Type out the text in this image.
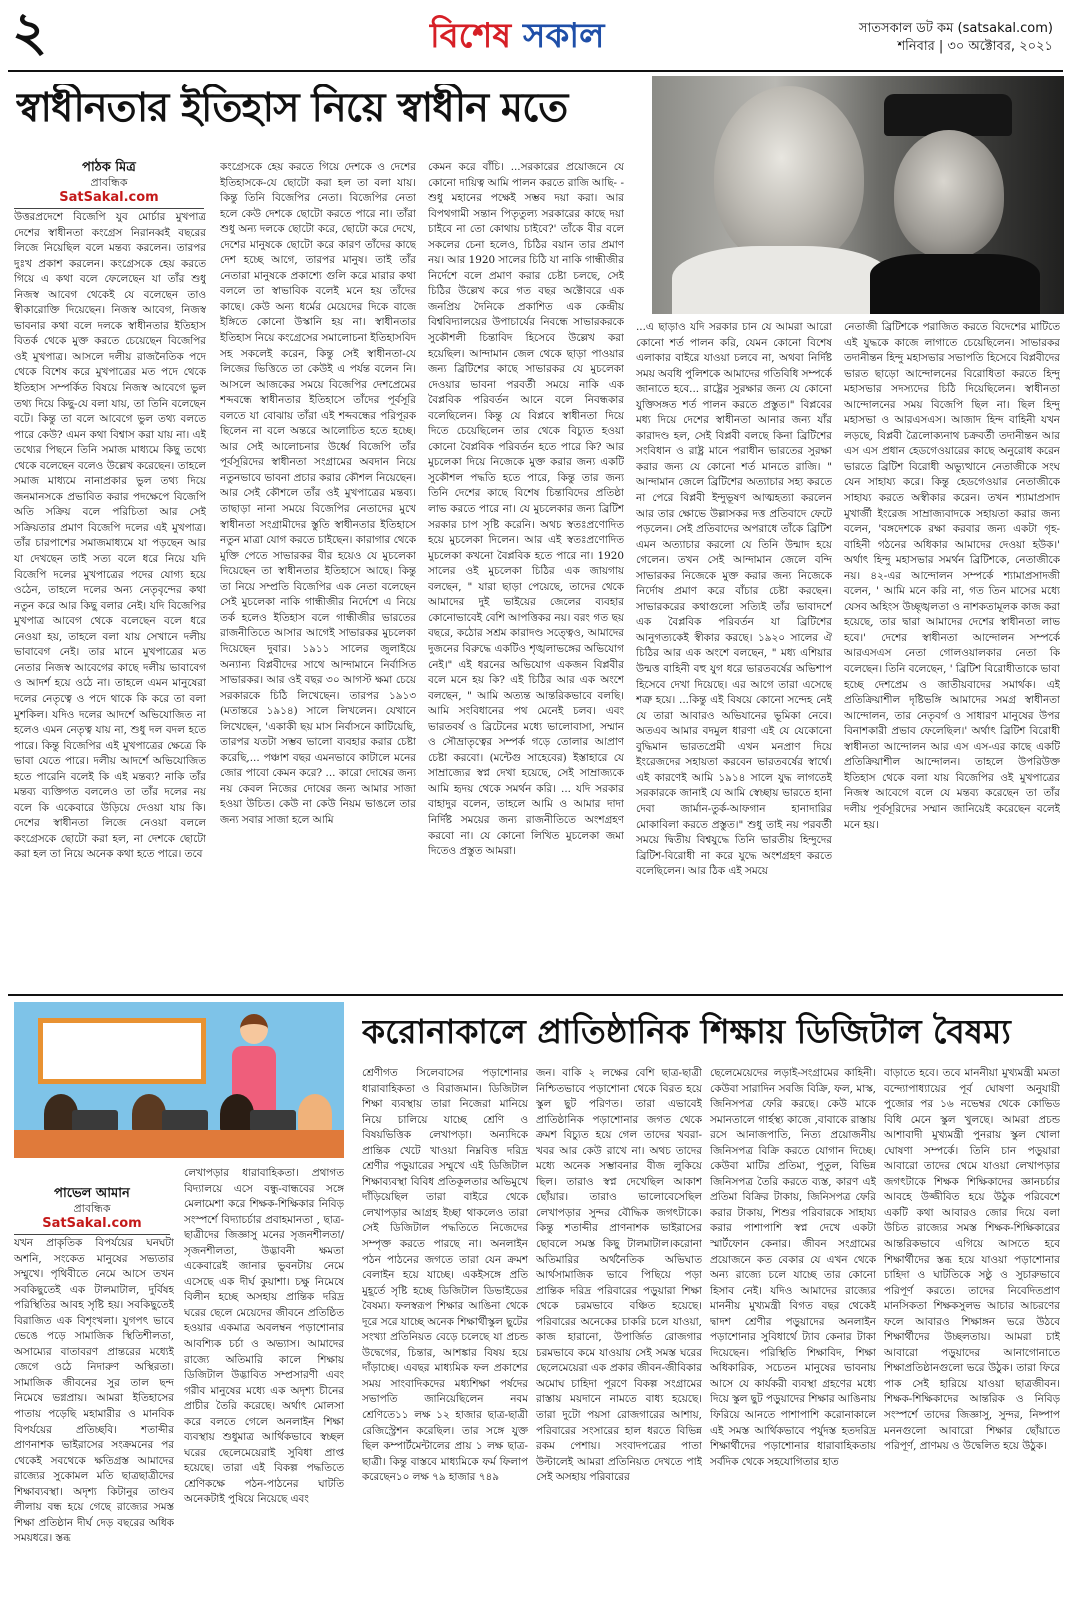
২	বিশেষ সকাল	সাতসকাল ডট কম (satsakal.com)
শনিবার | ৩০ অক্টোবর, ২০২১
স্বাধীনতার ইতিহাস নিয়ে স্বাধীন মতে
পাঠক মিত্র
প্রাবন্ধিক
SatSakal.com
উত্তরপ্রদেশে বিজেপি যুব মোর্চার মুখপাত্র দেশের স্বাধীনতা কংগ্রেস নিরানব্বই বছরের লিজে নিয়েছিল বলে মন্তব্য করলেন। তারপর দুঃখ প্রকাশ করলেন। কংগ্রেসকে হেয় করতে গিয়ে এ কথা বলে ফেলেছেন যা তাঁর শুধু নিজস্ব আবেগ থেকেই যে বলেছেন তাও স্বীকারোক্তি দিয়েছেন। নিজস্ব আবেগ, নিজস্ব ভাবনার কথা বলে দলকে স্বাধীনতার ইতিহাস বিতর্ক থেকে মুক্ত করতে চেয়েছেন বিজেপির ওই মুখপাত্র। আসলে দলীয় রাজনৈতিক পদে থেকে বিশেষ করে মুখপাত্রের মত পদে থেকে ইতিহাস সম্পর্কিত বিষয়ে নিজস্ব আবেগে ভুল তথ্য দিয়ে কিছু-যে বলা যায়, তা তিনি বলেছেন বটে। কিন্তু তা বলে আবেগে ভুল তথ্য বলতে পারে কেউ? এমন কথা বিশ্বাস করা যায় না। এই তথ্যের পিছনে তিনি সমাজ মাধ্যমে কিছু তথ্যে থেকে বলেছেন বলেও উল্লেখ করেছেন। তাহলে সমাজ মাধ্যমে নানাপ্রকার ভুল তথ্য দিয়ে জনমানসকে প্রভাবিত করার পদক্ষেপে বিজেপি অতি সক্রিয় বলে পরিচিতা আর সেই সক্রিয়তার প্রমাণ বিজেপি দলের এই মুখপাত্র। তাঁর চারপাশের সমাজমাধ্যমে যা পড়ছেন আর যা দেখছেন তাই সত্য বলে ধরে নিয়ে যদি বিজেপি দলের মুখপাত্রের পদের যোগ্য হয়ে ওঠেন, তাহলে দলের অন্য নেতৃবৃন্দের কথা নতুন করে আর কিছু বলার নেই। যদি বিজেপির মুখপাত্র আবেগ থেকে বলেছেন বলে ধরে নেওয়া হয়, তাহলে বলা যায় সেখানে দলীয় ভাবাবেগ নেই। তার মানে মুখপাত্রের মত নেতার নিজস্ব আবেগের কাছে দলীয় ভাবাবেগ ও আদর্শ হয়ে ওঠে না। তাহলে এমন মানুষেরা দলের নেতৃত্বে ও পদে থাকে কি করে তা বলা মুশকিল। যদিও দলের আদর্শে অভিযোজিত না হলেও এমন নেতৃত্ব যায় না, শুধু দল বদল হতে পারে। কিন্তু বিজেপির এই মুখপাত্রের ক্ষেত্রে কি ভাবা যেতে পারে। দলীয় আদর্শে অভিযোজিত হতে পারেনি বলেই কি এই মন্তব্য? নাকি তাঁর মন্তব্য ব্যক্তিগত বললেও তা তাঁর দলের নয় বলে কি একেবারে উড়িয়ে দেওয়া যায় কি। দেশের স্বাধীনতা লিজে নেওয়া বললে কংগ্রেসকে ছোটো করা হল, না দেশকে ছোটো করা হল তা নিয়ে অনেক কথা হতে পারে। তবে
কংগ্রেসকে হেয় করতে গিয়ে দেশকে ও দেশের ইতিহাসকে-যে ছোটো করা হল তা বলা যায়। কিন্তু তিনি বিজেপির নেতা। বিজেপির নেতা হলে কেউ দেশকে ছোটো করতে পারে না। তাঁরা শুধু অন্য দলকে ছোটো করে, ছোটো করে দেখে, দেশের মানুষকে ছোটো করে কারণ তাঁদের কাছে দেশ হচ্ছে আগে, তারপর মানুষ। তাই তাঁর নেতারা মানুষকে প্রকাশ্যে গুলি করে মারার কথা বললে তা স্বাভাবিক বলেই মনে হয় তাঁদের কাছে। কেউ অন্য ধর্মের মেয়েদের দিকে বাজে ইঙ্গিতে কোনো উস্কানি হয় না। স্বাধীনতার ইতিহাস নিয়ে কংগ্রেসের সমালোচনা ইতিহাসবিদ সহ সকলেই করেন, কিন্তু সেই স্বাধীনতা-যে লিজের ভিত্তিতে তা কেউই এ পর্যন্ত বলেন নি। আসলে আজকের সময়ে বিজেপির দেশপ্রেমের শব্দবন্ধে স্বাধীনতার ইতিহাসে তাঁদের পূর্বসূরি বলতে যা বোঝায় তাঁরা এই শব্দবন্ধের পরিপূরক ছিলেন না বলে অন্তরে আলোচিত হতে হচ্ছে। আর সেই আলোচনার উর্ধ্বে বিজেপি তাঁর পূর্বসূরিদের স্বাধীনতা সংগ্রামের অবদান নিয়ে নতুনভাবে ভাবনা প্রচার করার কৌশল নিয়েছেন। আর সেই কৌশলে তাঁর ওই মুখপাত্রের মন্তব্য। তাছাড়া নানা সময়ে বিজেপির নেতাদের মুখে স্বাধীনতা সংগ্রামীদের স্তুতি স্বাধীনতার ইতিহাসে নতুন মাত্রা যোগ করতে চাইছেন। কারাগার থেকে মুক্তি পেতে সাভারকর বীর হয়েও যে মুচলেকা দিয়েছেন তা স্বাধীনতার ইতিহাসে আছে। কিন্তু তা নিয়ে সম্প্রতি বিজেপির এক নেতা বলেছেন সেই মুচলেকা নাকি গান্ধীজীর নির্দেশে এ নিয়ে তর্ক হলেও ইতিহাস বলে গান্ধীজীর ভারতের রাজনীতিতে আসার আগেই সাভারকর মুচলেকা দিয়েছেন দুবার। ১৯১১ সালের জুলাইয়ে অন্যান্য বিপ্লবীদের সাথে আন্দামানে নির্বাসিত সাভারকর। আর ওই বছর ৩০ আগস্ট ক্ষমা চেয়ে সরকারকে চিঠি লিখেছেন। তারপর ১৯১৩ (মতান্তরে ১৯১৪) সালে লিখলেন। যেখানে লিখেছেন, 'একাকী ছয় মাস নির্বাসনে কাটিয়েছি, তারপর যতটা সম্ভব ভালো ব্যবহার করার চেষ্টা করেছি,... পঞ্চাশ বছর এমনভাবে কাটালে মনের জোর পাবো কেমন করে? ... কারো দোষের জন্য নয় কেবল নিজের দোষের জন্য আমার সাজা হওয়া উচিত। কেউ না কেউ নিয়ম ভাঙলে তার জন্য সবার সাজা হলে আমি
কেমন করে বাঁচি। ...সরকারের প্রয়োজনে যে কোনো দায়িত্ব আমি পালন করতে রাজি আছি- - শুধু মহানের পক্ষেই সম্ভব দয়া করা। আর বিপথগামী সন্তান পিতৃতুল্য সরকারের কাছে দয়া চাইবে না তো কোথায় চাইবে?' তাঁকে বীর বলে সকলের চেনা হলেও, চিঠির বয়ান তার প্রমাণ নয়। আর 1920 সালের চিঠি যা নাকি গান্ধীজীর নির্দেশে বলে প্রমাণ করার চেষ্টা চলছে, সেই চিঠির উল্লেখ করে গত বছর অক্টোবরে এক জনপ্রিয় দৈনিকে প্রকাশিত এক কেন্দ্রীয় বিশ্ববিদ্যালয়ের উপাচার্যের নিবন্ধে সাভারকরকে সুকৌশলী চিন্তাবিদ হিসেবে উল্লেখ করা হয়েছিল। আন্দামান জেল থেকে ছাড়া পাওয়ার জন্য ব্রিটিশের কাছে সাভারকর যে মুচলেকা দেওয়ার ভাবনা পরবর্তী সময়ে নাকি এক বৈপ্লবিক পরিবর্তন আনে বলে নিবন্ধকার বলেছিলেন। কিন্তু যে বিপ্লবে স্বাধীনতা দিয়ে দিতে চেয়েছিলেন তার থেকে বিচ্যুত হওয়া কোনো বৈপ্লবিক পরিবর্তন হতে পারে কি? আর মুচলেকা দিয়ে নিজেকে মুক্ত করার জন্য একটি সুকৌশল পদ্ধতি হতে পারে, কিন্তু তার জন্য তিনি দেশের কাছে বিশেষ চিন্তাবিদের প্রতিষ্ঠা লাভ করতে পারে না। যে মুচলেকার জন্য ব্রিটিশ সরকার চাপ সৃষ্টি করেনি। অথচ স্বতঃপ্রণোদিত হয়ে মুচলেকা দিলেন। আর এই স্বতঃপ্রণোদিত মুচলেকা কখনো বৈপ্লবিক হতে পারে না। 1920 সালের ওই মুচলেকা চিঠির এক জায়গায় বলছেন, " যারা ছাড়া পেয়েছে, তাদের থেকে আমাদের দুই ভাইয়ের জেলের ব্যবহার কোনোভাবেই বেশি আপত্তিকর নয়। বরং গত ছয় বছরে, কঠোর সশ্রম কারাদণ্ড সত্ত্বেও, আমাদের দুজনের বিরুদ্ধে একটিও শৃঙ্খলাভঙ্গের অভিযোগ নেই।" এই ধরনের অভিযোগ একজন বিপ্লবীর বলে মনে হয় কি? এই চিঠির আর এক অংশে বলছেন, " আমি অত্যন্ত আন্তরিকভাবে বলছি। আমি সংবিধানের পথ মেনেই চলব। এবং ভারতবর্ষ ও ব্রিটেনের মধ্যে ভালোবাসা, সম্মান ও সৌভ্রাতৃত্বের সম্পর্ক গড়ে তোলার আপ্রাণ চেষ্টা করবো। (মন্টেগু সাহেবের) ইস্তাহারে যে সাম্রাজ্যের স্বপ্ন দেখা হয়েছে, সেই সাম্রাজ্যকে আমি হৃদয় থেকে সমর্থন করি। ... যদি সরকার বাহাদুর বলেন, তাহলে আমি ও আমার দাদা নির্দিষ্ট সময়ের জন্য রাজনীতিতে অংশগ্রহণ করবো না। যে কোনো লিখিত মুচলেকা জমা দিতেও প্রস্তুত আমরা।
...এ ছাড়াও যদি সরকার চান যে আমরা আরো কোনো শর্ত পালন করি, যেমন কোনো বিশেষ এলাকার বাইরে যাওয়া চলবে না, অথবা নির্দিষ্ট সময় অবধি পুলিশকে আমাদের গতিবিধি সম্পর্কে জানাতে হবে... রাষ্ট্রের সুরক্ষার জন্য যে কোনো যুক্তিসঙ্গত শর্ত পালন করতে প্রস্তুত।" বিপ্লবের মধ্য দিয়ে দেশের স্বাধীনতা আনার জন্য যাঁর কারাদণ্ড হল, সেই বিপ্লবী বলছে কিনা ব্রিটিশের সংবিধান ও রাষ্ট্র মানে পরাধীন ভারতের সুরক্ষা করার জন্য যে কোনো শর্ত মানতে রাজি। " আন্দামান জেলে ব্রিটিশের অত্যাচার সহ্য করতে না পেরে বিপ্লবী ইন্দুভূষণ আত্মহত্যা করলেন আর তার ক্ষোভে উল্লাসকর দত্ত প্রতিবাদে ফেটে পড়লেন। সেই প্রতিবাদের অপরাধে তাঁকে ব্রিটিশ এমন অত্যাচার করলো যে তিনি উন্মাদ হয়ে গেলেন। তখন সেই আন্দামান জেলে বন্দি সাভারকর নিজেকে মুক্ত করার জন্য নিজেকে নির্দোষ প্রমাণ করে বাঁচার চেষ্টা করছেন। সাভারকরের কথাগুলো সত্যিই তাঁর ভাবাদর্শে এক বৈপ্লবিক পরিবর্তন যা ব্রিটিশের আনুগত্যকেই স্বীকার করছে। ১৯২০ সালের ঐ চিঠির আর এক অংশে বলছেন, " মধ্য এশিয়ার উন্মত্ত বাহিনী বহু যুগ ধরে ভারতবর্ষের অভিশাপ হিসেবে দেখা দিয়েছে। এর আগে তারা এসেছে শত্রু হয়ে। ...কিন্তু এই বিষয়ে কোনো সন্দেহ নেই যে তারা আবারও অভিযানের ভূমিকা নেবে। অতএব আমার বদমুল ধারণা এই যে যেকোনো বুদ্ধিমান ভারতপ্রেমী এখন মনপ্রাণ দিয়ে ইংরেজদের সহায়তা করবেন ভারতবর্ষের স্বার্থে। এই কারণেই আমি ১৯১৪ সালে যুদ্ধ লাগতেই সরকারকে জানাই যে আমি স্বেচ্ছায় ভারতে হানা দেবা জার্মান-তুর্ক-আফগান হানাদারির মোকাবিলা করতে প্রস্তুত।" শুধু তাই নয় পরবর্তী সময়ে দ্বিতীয় বিশ্বযুদ্ধে তিনি ভারতীয় হিন্দুদের ব্রিটিশ-বিরোধী না করে যুদ্ধে অংশগ্রহণ করতে বলেছিলেন। আর ঠিক এই সময়ে
নেতাজী ব্রিটিশকে পরাজিত করতে বিদেশের মাটিতে এই যুদ্ধকে কাজে লাগাতে চেয়েছিলেন। সাভারকর তদানীন্তন হিন্দু মহাসভার সভাপতি হিসেবে বিপ্লবীদের ভারত ছাড়ো আন্দোলনের বিরোধিতা করতে হিন্দু মহাসভার সদস্যদের চিঠি দিয়েছিলেন। স্বাধীনতা আন্দোলনের সময় বিজেপি ছিল না। ছিল হিন্দু মহাসভা ও আরএসএস। আজাদ হিন্দ বাহিনী যখন লড়ছে, বিপ্লবী ত্রৈলোক্যনাথ চক্রবর্তী তদানীন্তন আর এস এস প্রধান হেডগেওয়ারের কাছে অনুরোধ করেন ভারতে ব্রিটিশ বিরোধী অভ্যুত্থানে নেতাজীকে সংঘ যেন সাহায্য করে। কিন্তু হেডগেওয়ার নেতাজীকে সাহায্য করতে অস্বীকার করেন। তখন শ্যামাপ্রসাদ মুখার্জী ইংরেজ সাম্রাজ্যবাদকে সহায়তা করার জন্য বলেন, 'বঙ্গদেশকে রক্ষা করবার জন্য একটা গৃহ-বাহিনী গঠনের অধিকার আমাদের দেওয়া হউক।' অর্থাৎ হিন্দু মহাসভার সমর্থন ব্রিটিশকে, নেতাজীকে নয়। ৪২-এর আন্দোলন সম্পর্কে শ্যামাপ্রসাদজী বলেন, ' আমি মনে করি না, গত তিন মাসের মধ্যে যেসব অহিংস উচ্ছৃঙ্খলতা ও নাশকতামূলক কাজ করা হয়েছে, তার দ্বারা আমাদের দেশের স্বাধীনতা লাভ হবে।' দেশের স্বাধীনতা আন্দোলন সম্পর্কে আরএসএস নেতা গোলওয়ালকার নেতা কি বলেছেন। তিনি বলেছেন, ' ব্রিটিশ বিরোধীতাকে ভাবা হচ্ছে দেশপ্রেম ও জাতীয়বাদের সমার্থক। এই প্রতিক্রিয়াশীল দৃষ্টিভঙ্গি আমাদের সমগ্র স্বাধীনতা আন্দোলন, তার নেতৃবর্গ ও সাধারণ মানুষের উপর বিনাশকারী প্রভাব ফেলেছিল।' অর্থাৎ ব্রিটিশ বিরোধী স্বাধীনতা আন্দোলন আর এস এস-এর কাছে একটি প্রতিক্রিয়াশীল আন্দোলন। তাহলে উপরিউক্ত ইতিহাস থেকে বলা যায় বিজেপির ওই মুখপাত্রের নিজস্ব আবেগে বলে যে মন্তব্য করেছেন তা তাঁর দলীয় পূর্বসূরিদের সম্মান জানিয়েই করেছেন বলেই মনে হয়।
করোনাকালে প্রাতিষ্ঠানিক শিক্ষায় ডিজিটাল বৈষম্য
পাভেল আমান
প্রাবন্ধিক
SatSakal.com
যখন প্রাকৃতিক বিপর্যয়ের ঘনঘটা অশনি, সংকেত মানুষের সভ্যতার সম্মুখে। পৃথিবীতে নেমে আসে তখন সবকিছুতেই এক টালমাটাল, দুর্বিষহ পরিস্থিতির আবহ সৃষ্টি হয়। সবকিছুতেই বিরাজিত এক বিশৃংখলা। যুগপৎ ভাবে ভেঙে পড়ে সামাজিক স্থিতিশীলতা, অসাম্যের বাতাবরণ প্রান্তরের মধ্যেই জেগে ওঠে নিদারুণ অস্থিরতা। সামাজিক জীবনের সুর তাল ছন্দ নিমেষে ভগ্নপ্রায়। আমরা ইতিহাসের পাতায় পড়েছি মহামারীর ও মানবিক বিপর্যয়ের প্রতিচ্ছবি। শতাব্দীর প্রাণনাশক ভাইরাসের সংক্রমনের পর থেকেই সবথেকে ক্ষতিগ্রস্ত আমাদের রাজ্যের সুকোমল মতি ছাত্রছাত্রীদের শিক্ষাব্যবস্থা। অদৃশ্য কিটানুর তাণ্ডব লীলায় বন্ধ হয়ে গেছে রাজ্যের সমস্ত শিক্ষা প্রতিষ্ঠান দীর্ঘ দেড় বছরের অধিক সময়ধরে। স্তব্ধ
লেখাপড়ার ধারাবাহিকতা। প্রথাগত বিদ্যালয়ে এসে বন্ধু-বান্ধবের সঙ্গে মেলামেশা করে শিক্ষক-শিক্ষিকার নিবিড় সংস্পর্শে বিদ্যাচর্চার প্রবাহমানতা , ছাত্র-ছাত্রীদের জিজ্ঞাসু মনের সৃজনশীলতা/সৃজনশীলতা, উদ্ভাবনী ক্ষমতা একেবারেই জানার ভুবনটায় নেমে এসেছে এক দীর্ঘ কুয়াশা। চক্ষু নিমেষে বিলীন হচ্ছে অসহায় প্রান্তিক দরিদ্র ঘরের ছেলে মেয়েদের জীবনে প্রতিষ্ঠিত হওয়ার একমাত্র অবলম্বন পড়াশোনার আবশ্যিক চর্চা ও অভ্যাস। আমাদের রাজ্যে অতিমারি কালে শিক্ষায় ডিজিটাল উদ্ভাবিত সম্প্রসারণী এবং গরীব মানুষের মধ্যে এক অদৃশ্য চীনের প্রাচীর তৈরি করেছে। অর্থাৎ মোলসা করে বলতে গেলে অনলাইন শিক্ষা ব্যবস্থায় শুধুমাত্র আর্থিকভাবে স্বচ্ছল ঘরের ছেলেমেয়েরাই সুবিধা প্রাপ্ত হয়েছে। তারা এই বিকল্প পদ্ধতিতে শ্রেণিকক্ষে পঠন-পাঠনের ঘাটতি অনেকটাই পুষিয়ে নিয়েছে এবং
শ্রেণীগত সিলেবাসের পড়াশোনার ধারাবাহিকতা ও বিরাজমান। ডিজিটাল শিক্ষা ব্যবস্থায় তারা নিজেরা মানিয়ে নিয়ে চালিয়ে যাচ্ছে শ্রেণি ও বিষয়ভিত্তিক লেখাপড়া। অন্যদিকে প্রান্তিক খেটে খাওয়া নিম্নবিত্ত দরিদ্র শ্রেণীর পড়ুয়ারের সম্মুখে এই ডিজিটাল শিক্ষাব্যবস্থা বিবিধ প্রতিকূলতার অভিমুখে দাঁড়িয়েছিল তারা বাইরে থেকে লেখাপড়ার আগ্রহ ইচ্ছা থাকলেও তারা সেই ডিজিটাল পদ্ধতিতে নিজেদের সম্পৃক্ত করতে পারছে না। অনলাইন পঠন পাঠনের জগতে তারা যেন ক্রমশ বেলাইন হয়ে যাচ্ছে। একইসঙ্গে প্রতি মুহূর্তে সৃষ্টি হচ্ছে ডিজিটাল ডিভাইডের বৈষম্য। ফলস্বরূপ শিক্ষার আঙিনা থেকে দূরে সরে যাচ্ছে অনেক শিক্ষার্থীস্কুল ছুটের সংখ্যা প্রতিনিয়ত বেড়ে চলেছে যা প্রচন্ড উদ্বেগের, চিন্তার, আশঙ্কার বিষয় হয়ে দাঁড়াচ্ছে। এবছর মাধ্যমিক ফল প্রকাশের সময় সাংবাদিকদের মধ্যশিক্ষা পর্ষদের সভাপতি জানিয়েছিলেন নবম শ্রেণিতে১১ লক্ষ ১২ হাজার ছাত্র-ছাত্রী রেজিস্ট্রেশন করেছিল। তার সঙ্গে যুক্ত ছিল কম্পার্টমেন্টালের প্রায় ১ লক্ষ ছাত্র-ছাত্রী। কিন্তু বাস্তবে মাধ্যমিকে ফর্ম ফিলাপ করেছেন১০ লক্ষ ৭৯ হাজার ৭৪৯
জন। বাকি ২ লক্ষের বেশি ছাত্র-ছাত্রী নিশ্চিতভাবে পড়াশোনা থেকে বিরত হয়ে স্কুল ছুট পরিণত। তারা এভাবেই প্রাতিষ্ঠানিক পড়াশোনার জগত থেকে ক্রমশ বিচ্যুত হয়ে গেল তাদের খবরা-খবর আর কেউ রাখে না। অথচ তাদের মধ্যে অনেক সম্ভাবনার বীজ লুকিয়ে ছিল। তারাও স্বপ্ন দেখেছিল আকাশ ছোঁয়ার। তারাও ভালোবেসেছিল লেখাপড়ার সুন্দর বৌদ্ধিক জগৎটাকে। কিন্তু শতাব্দীর প্রাণনাশক ভাইরাসের ছোবলে সমস্ত কিছু টালমাটাল।করোনা অতিমারির অর্থনৈতিক অভিঘাত আর্থসামাজিক ভাবে পিছিয়ে পড়া প্রান্তিক দরিদ্র পরিবারের পড়ুয়ারা শিক্ষা থেকে চরমভাবে বঞ্চিত হয়েছে। পরিবারের অনেকের চাকরি চলে যাওয়া, কাজ হারানো, উপার্জিত রোজগার চরমভাবে কমে যাওয়ায় সেই সমস্ত ঘরের ছেলেমেয়েরা এক প্রকার জীবন-জীবিকার অমোঘ চাহিদা পূরণে বিকল্প সংগ্রামের রাস্তায় ময়দানে নামতে বাধ্য হয়েছে। তারা দুটো পয়সা রোজগারের আশায়, পরিবারের সংসারের হাল ধরতে বিভিন্ন রকম পেশায়। সংবাদপত্রের পাতা উল্টালেই আমরা প্রতিনিয়ত দেখতে পাই সেই অসহায় পরিবারের
ছেলেমেয়েদের লড়াই-সংগ্রামের কাহিনী। কেউবা সারাদিন সবজি বিক্রি, ফল, মাস্ক, জিনিসপত্র ফেরি করছে। কেউ মাকে সমানতালে গার্হস্থ্য কাজে ,বাবাকে রাস্তায় রসে আনাজপাতি, নিত্য প্রয়োজনীয় জিনিসপত্র বিক্রি করতে যোগান দিচ্ছে। কেউবা মাটির প্রতিমা, পুতুল, বিভিন্ন জিনিসপত্র তৈরি করতে ব্যস্ত, কারণ এই প্রতিমা বিক্রির টাকায়, জিনিসপত্র ফেরি করার টাকায়, শিশুর পরিবারকে সাহায্য করার পাশাপাশি স্বপ্ন দেখে একটা স্মার্টফোন কেনার। জীবন সংগ্রামের প্রয়োজনে কত বেকার যে এখন থেকে অন্য রাজ্যে চলে যাচ্ছে তার কোনো হিসাব নেই। যদিও আমাদের রাজ্যের মাননীয় মুখ্যমন্ত্রী বিগত বছর থেকেই দ্বাদশ শ্রেণীর পড়ুয়াদের অনলাইন পড়াশোনার সুবিধার্থে ট্যাব কেনার টাকা দিয়েছেন। পরিস্থিতি শিক্ষাবিদ, শিক্ষা অধিকারিক, সচেতন মানুষের ভাবনায় আসে যে কার্যকরী ব্যবস্থা গ্রহণের মধ্যে দিয়ে স্কুল ছুট পড়ুয়াদের শিক্ষার আঙিনায় ফিরিয়ে আনতে পাশাপাশি করোনাকালে এই সমস্ত আর্থিকভাবে পর্যুদস্ত হতদরিদ্র শিক্ষার্থীদের পড়াশোনার ধারাবাহিকতায় সর্বদিক থেকে সহযোগিতার হাত
বাড়াতে হবে। তবে মাননীয়া মুখ্যমন্ত্রী মমতা বন্দ্যোপাধ্যায়ের পূর্ব ঘোষণা অনুযায়ী পুজোর পর ১৬ নভেম্বর থেকে কোভিড বিধি মেনে স্কুল খুলছে। আমরা প্রচন্ড আশাবাদী মুখ্যমন্ত্রী পুনরায় স্কুল খোলা ঘোষণা সম্পর্কে। তিনি চান পড়ুয়ারা আবারো তাদের থেমে যাওয়া লেখাপড়ার জগৎটাকে শিক্ষক শিক্ষিকাদের জ্ঞানচর্চার আবহে উজ্জীবিত হয়ে উঠুক পরিবেশে একটি কথা আবারও জোর দিয়ে বলা উচিত রাজ্যের সমস্ত শিক্ষক-শিক্ষিকারের আন্তরিকভাবে এগিয়ে আসতে হবে শিক্ষার্থীদের স্তব্ধ হয়ে যাওয়া পড়াশোনার চাহিদা ও ঘাটতিকে সষ্ঠু ও সুচারুভাবে পরিপূর্ণ করতে। তাদের নিবেদিতপ্রাণ মানসিকতা শিক্ষকসুলভ আচার আচরণের ফলে আবারও শিক্ষাঙ্গন ভরে উঠবে শিক্ষার্থীদের উচ্ছলতায়। আমরা চাই আবারো পড়ুয়াদের আনাগোনাতে শিক্ষাপ্রতিষ্ঠানগুলো ভরে উঠুক। তারা ফিরে পাক সেই হারিয়ে যাওয়া ছাত্রজীবন। শিক্ষক-শিক্ষিকাদের আন্তরিক ও নিবিড় সংস্পর্শে তাদের জিজ্ঞাসু, সুন্দর, নিষ্পাপ মননগুলো আবারো শিক্ষার ছোঁয়াতে পরিপূর্ণ, প্রাণময় ও উদ্বেলিত হয়ে উঠুক।
